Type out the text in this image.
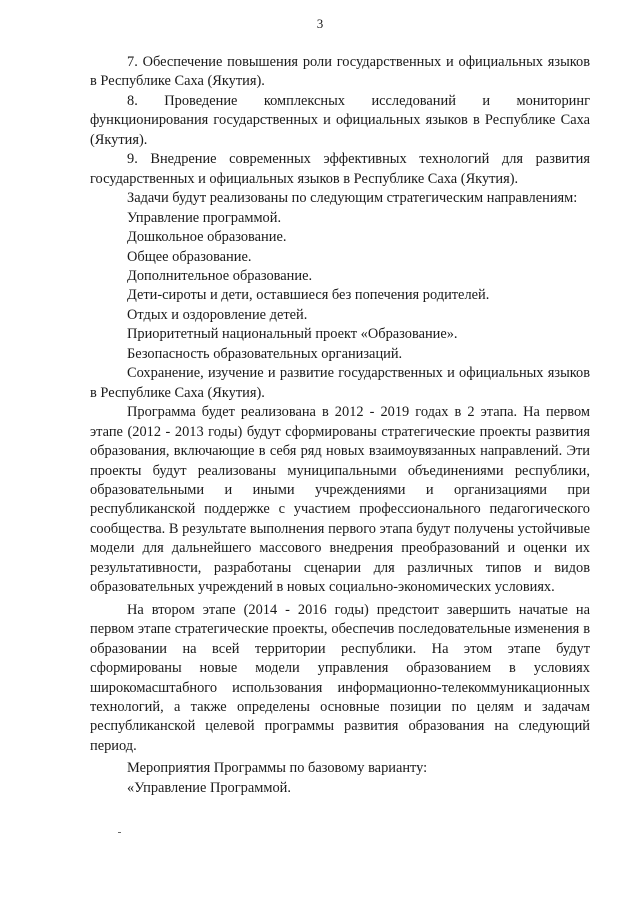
3

7. Обеспечение повышения роли государственных и официальных языков в Республике Саха (Якутия).

8. Проведение комплексных исследований и мониторинг функционирования государственных и официальных языков в Республике Саха (Якутия).

9. Внедрение современных эффективных технологий для развития государственных и официальных языков в Республике Саха (Якутия).

Задачи будут реализованы по следующим стратегическим направлениям:

Управление программой.

Дошкольное образование.

Общее образование.

Дополнительное образование.

Дети-сироты и дети, оставшиеся без попечения родителей.

Отдых и оздоровление детей.

Приоритетный национальный проект «Образование».

Безопасность образовательных организаций.

Сохранение, изучение и развитие государственных и официальных языков в Республике Саха (Якутия).

Программа будет реализована в 2012 - 2019 годах в 2 этапа. На первом этапе (2012 - 2013 годы) будут сформированы стратегические проекты развития образования, включающие в себя ряд новых взаимоувязанных направлений. Эти проекты будут реализованы муниципальными объединениями республики, образовательными и иными учреждениями и организациями при республиканской поддержке с участием профессионального педагогического сообщества. В результате выполнения первого этапа будут получены устойчивые модели для дальнейшего массового внедрения преобразований и оценки их результативности, разработаны сценарии для различных типов и видов образовательных учреждений в новых социально-экономических условиях.

На втором этапе (2014 - 2016 годы) предстоит завершить начатые на первом этапе стратегические проекты, обеспечив последовательные изменения в образовании на всей территории республики. На этом этапе будут сформированы новые модели управления образованием в условиях широкомасштабного использования информационно-телекоммуникационных технологий, а также определены основные позиции по целям и задачам республиканской целевой программы развития образования на следующий период.

Мероприятия Программы по базовому варианту:

«Управление Программой.
